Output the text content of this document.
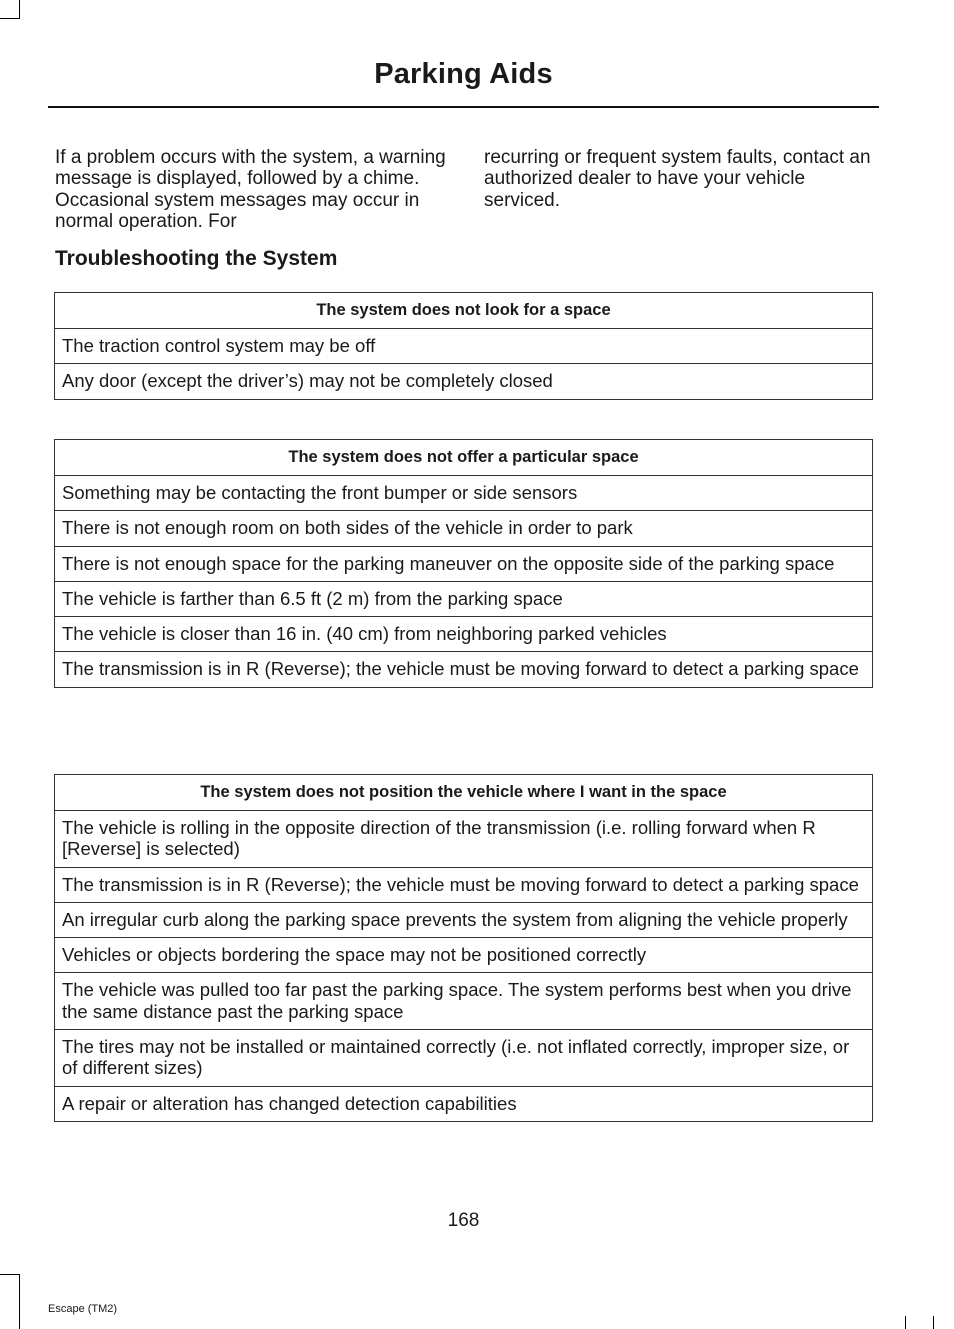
Parking Aids
If a problem occurs with the system, a warning message is displayed, followed by a chime. Occasional system messages may occur in normal operation. For
recurring or frequent system faults, contact an authorized dealer to have your vehicle serviced.
Troubleshooting the System
The system does not look for a space
The traction control system may be off
Any door (except the driver’s) may not be completely closed
The system does not offer a particular space
Something may be contacting the front bumper or side sensors
There is not enough room on both sides of the vehicle in order to park
There is not enough space for the parking maneuver on the opposite side of the parking space
The vehicle is farther than 6.5 ft (2 m) from the parking space
The vehicle is closer than 16 in. (40 cm) from neighboring parked vehicles
The transmission is in R (Reverse); the vehicle must be moving forward to detect a parking space
The system does not position the vehicle where I want in the space
The vehicle is rolling in the opposite direction of the transmission (i.e. rolling forward when R [Reverse] is selected)
The transmission is in R (Reverse); the vehicle must be moving forward to detect a parking space
An irregular curb along the parking space prevents the system from aligning the vehicle properly
Vehicles or objects bordering the space may not be positioned correctly
The vehicle was pulled too far past the parking space. The system performs best when you drive the same distance past the parking space
The tires may not be installed or maintained correctly (i.e. not inflated correctly, improper size, or of different sizes)
A repair or alteration has changed detection capabilities
168
Escape (TM2)
